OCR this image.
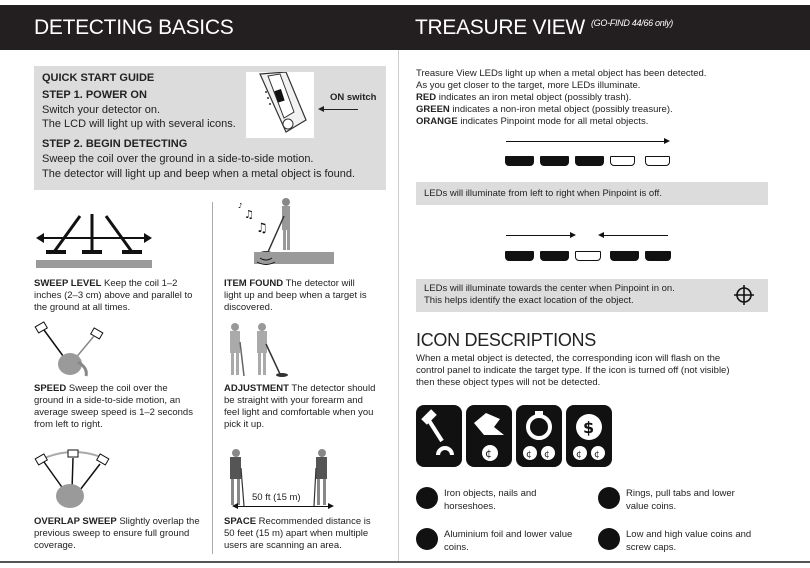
DETECTING BASICS	TREASURE VIEW $^{(GO-FIND 44/66 only)}$
QUICK START GUIDE
STEP 1. POWER ON
Switch your detector on.
The LCD will light up with several icons.
STEP 2. BEGIN DETECTING
Sweep the coil over the ground in a side-to-side motion.
The detector will light up and beep when a metal object is found.
ON switch
SWEEP LEVEL Keep the coil 1–2
inches (2–3 cm) above and parallel to
the ground at all times.
♪
♫
♫
ITEM FOUND The detector will
light up and beep when a target is
discovered.
SPEED Sweep the coil over the
ground in a side-to-side motion, an
average sweep speed is 1–2 seconds
from left to right.
ADJUSTMENT The detector should
be straight with your forearm and
feel light and comfortable when you
pick it up.
OVERLAP SWEEP Slightly overlap the
previous sweep to ensure full ground
coverage.
50 ft (15 m)
SPACE Recommended distance is
50 feet (15 m) apart when multiple
users are scanning an area.
Treasure View LEDs light up when a metal object has been detected.
As you get closer to the target, more LEDs illuminate.
RED indicates an iron metal object (possibly trash).
GREEN indicates a non-iron metal object (possibly treasure).
ORANGE indicates Pinpoint mode for all metal objects.
LEDs will illuminate from left to right when Pinpoint is off.
LEDs will illuminate towards the center when Pinpoint in on.
This helps identify the exact location of the object.
ICON DESCRIPTIONS
When a metal object is detected, the corresponding icon will flash on the
control panel to indicate the target type. If the icon is turned off (not visible)
then these object types will not be detected.
¢	¢ ¢
$
¢ ¢
Iron objects, nails and
horseshoes.
Rings, pull tabs and lower
value coins.
Aluminium foil and lower value
coins.
Low and high value coins and
screw caps.
